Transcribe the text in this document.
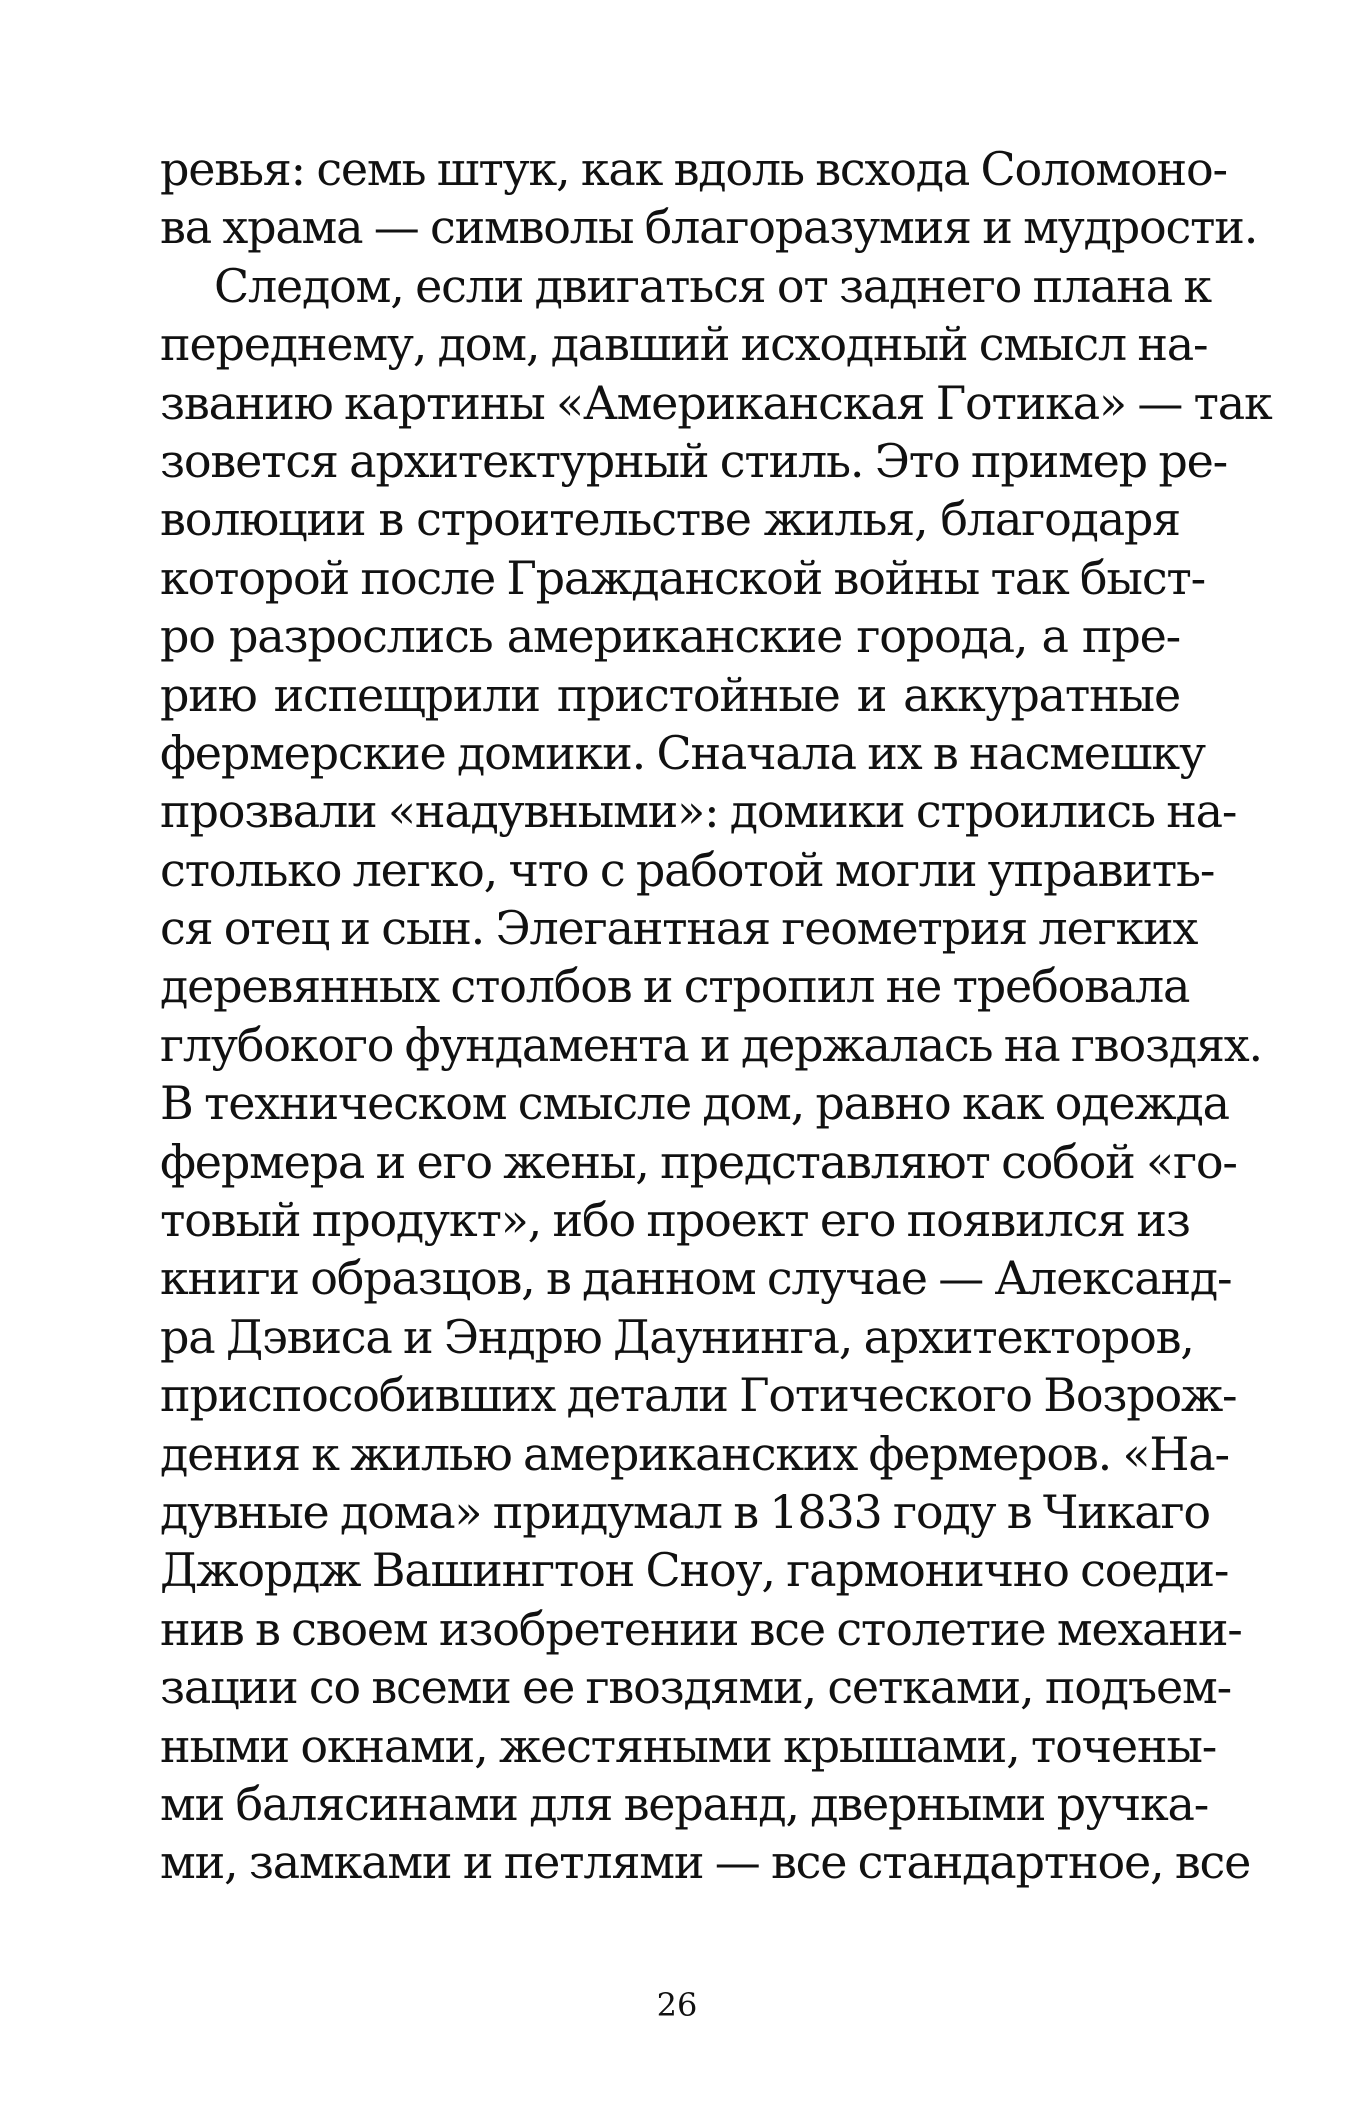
ревья: семь штук, как вдоль всхода Соломоно-
ва храма — символы благоразумия и мудрости.
Следом, если двигаться от заднего плана к
переднему, дом, давший исходный смысл на-
званию картины «Американская Готика» — так
зовется архитектурный стиль. Это пример ре-
волюции в строительстве жилья, благодаря
которой после Гражданской войны так быст-
ро разрослись американские города, а пре-
рию испещрили пристойные и аккуратные
фермерские домики. Сначала их в насмешку
прозвали «надувными»: домики строились на-
столько легко, что с работой могли управить-
ся отец и сын. Элегантная геометрия легких
деревянных столбов и стропил не требовала
глубокого фундамента и держалась на гвоздях.
В техническом смысле дом, равно как одежда
фермера и его жены, представляют собой «го-
товый продукт», ибо проект его появился из
книги образцов, в данном случае — Александ-
ра Дэвиса и Эндрю Даунинга, архитекторов,
приспособивших детали Готического Возрож-
дения к жилью американских фермеров. «На-
дувные дома» придумал в 1833 году в Чикаго
Джордж Вашингтон Сноу, гармонично соеди-
нив в своем изобретении все столетие механи-
зации со всеми ее гвоздями, сетками, подъем-
ными окнами, жестяными крышами, точены-
ми балясинами для веранд, дверными ручка-
ми, замками и петлями — все стандартное, все
26
